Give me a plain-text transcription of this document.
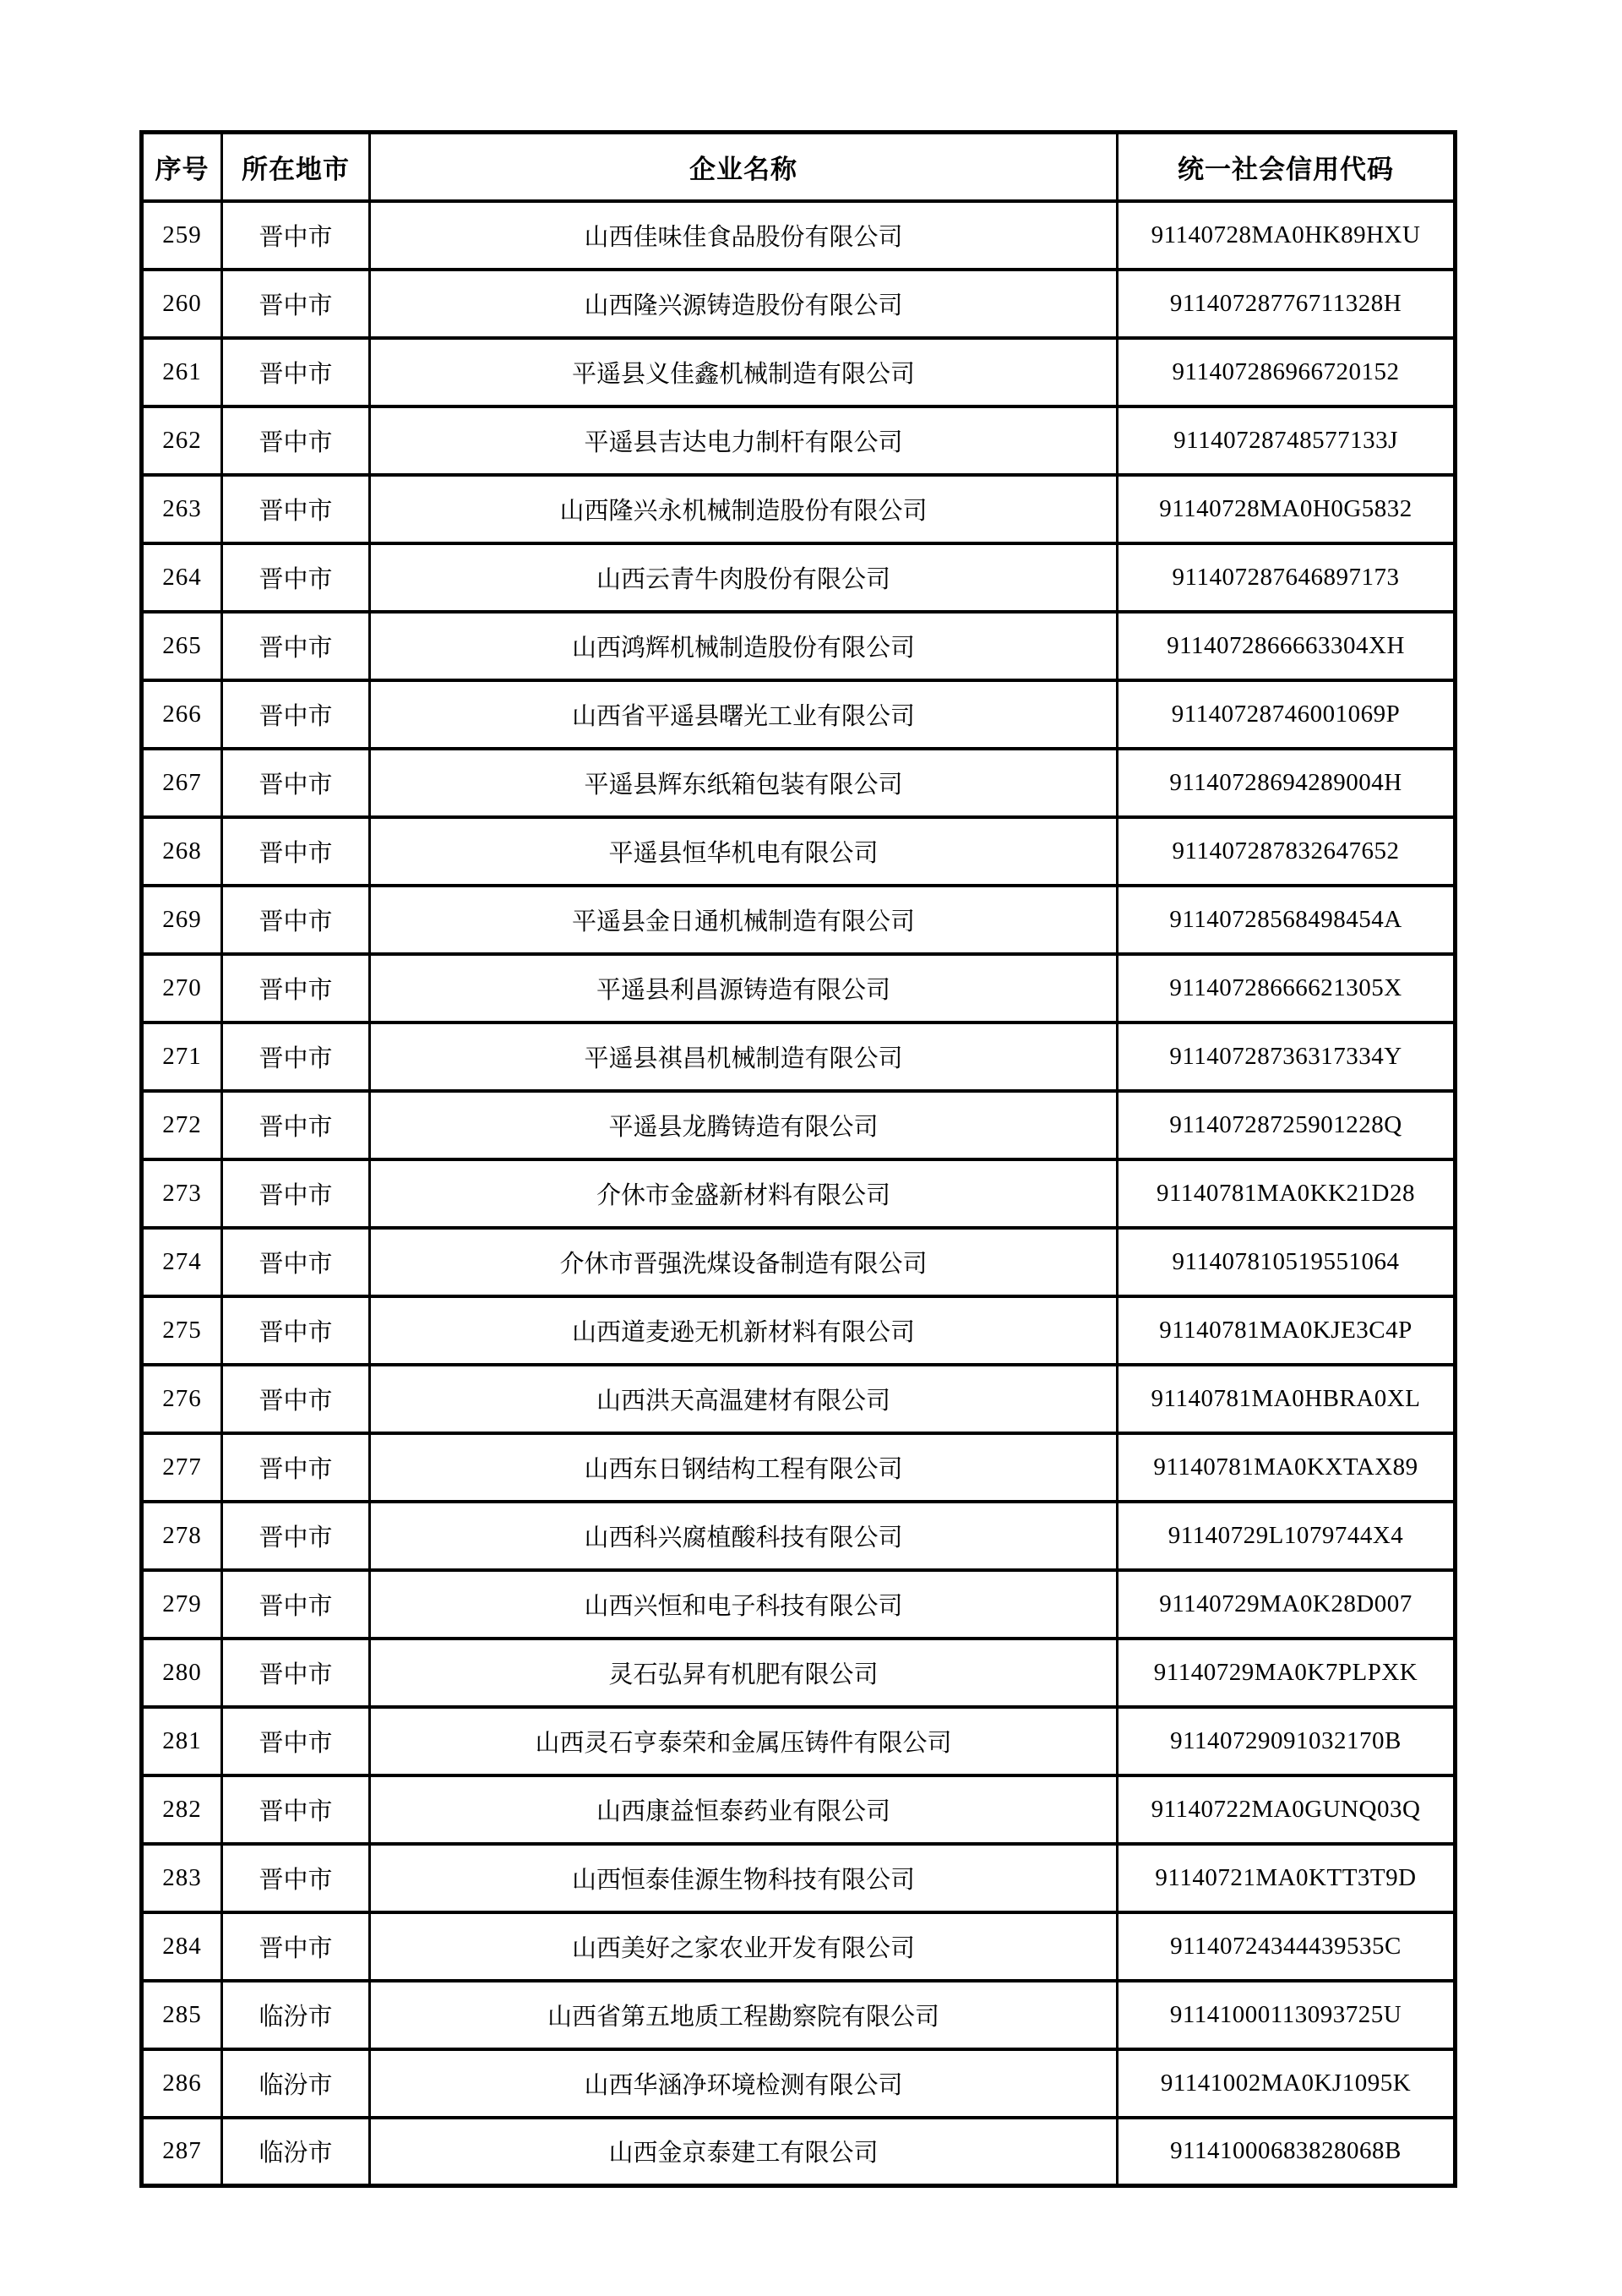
序号	所在地市	企业名称	统一社会信用代码
259	晋中市	山西佳味佳食品股份有限公司	91140728MA0HK89HXU
260	晋中市	山西隆兴源铸造股份有限公司	91140728776711328H
261	晋中市	平遥县义佳鑫机械制造有限公司	911407286966720152
262	晋中市	平遥县吉达电力制杆有限公司	91140728748577133J
263	晋中市	山西隆兴永机械制造股份有限公司	91140728MA0H0G5832
264	晋中市	山西云青牛肉股份有限公司	911407287646897173
265	晋中市	山西鸿辉机械制造股份有限公司	9114072866663304XH
266	晋中市	山西省平遥县曙光工业有限公司	91140728746001069P
267	晋中市	平遥县辉东纸箱包装有限公司	91140728694289004H
268	晋中市	平遥县恒华机电有限公司	911407287832647652
269	晋中市	平遥县金日通机械制造有限公司	91140728568498454A
270	晋中市	平遥县利昌源铸造有限公司	91140728666621305X
271	晋中市	平遥县祺昌机械制造有限公司	91140728736317334Y
272	晋中市	平遥县龙腾铸造有限公司	91140728725901228Q
273	晋中市	介休市金盛新材料有限公司	91140781MA0KK21D28
274	晋中市	介休市晋强洗煤设备制造有限公司	911407810519551064
275	晋中市	山西道麦逊无机新材料有限公司	91140781MA0KJE3C4P
276	晋中市	山西洪天高温建材有限公司	91140781MA0HBRA0XL
277	晋中市	山西东日钢结构工程有限公司	91140781MA0KXTAX89
278	晋中市	山西科兴腐植酸科技有限公司	91140729L1079744X4
279	晋中市	山西兴恒和电子科技有限公司	91140729MA0K28D007
280	晋中市	灵石弘昇有机肥有限公司	91140729MA0K7PLPXK
281	晋中市	山西灵石亨泰荣和金属压铸件有限公司	91140729091032170B
282	晋中市	山西康益恒泰药业有限公司	91140722MA0GUNQ03Q
283	晋中市	山西恒泰佳源生物科技有限公司	91140721MA0KTT3T9D
284	晋中市	山西美好之家农业开发有限公司	91140724344439535C
285	临汾市	山西省第五地质工程勘察院有限公司	91141000113093725U
286	临汾市	山西华涵净环境检测有限公司	91141002MA0KJ1095K
287	临汾市	山西金京泰建工有限公司	91141000683828068B
